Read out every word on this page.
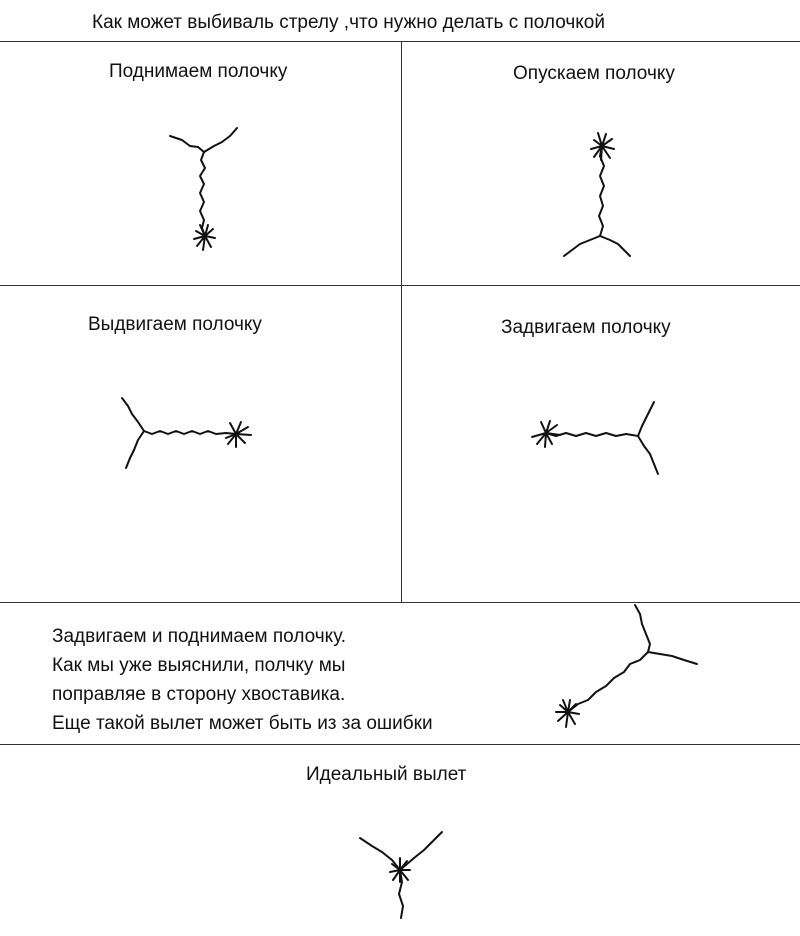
Как может выбиваль стрелу ,что нужно делать с полочкой
Поднимаем полочку	Опускаем полочку
Выдвигаем полочку	Задвигаем полочку
Идеальный вылет
Задвигаем и поднимаем полочку.
Как мы уже выяснили, полчку мы
поправляе в сторону хвоставика.
Еще такой вылет может быть из за ошибки
